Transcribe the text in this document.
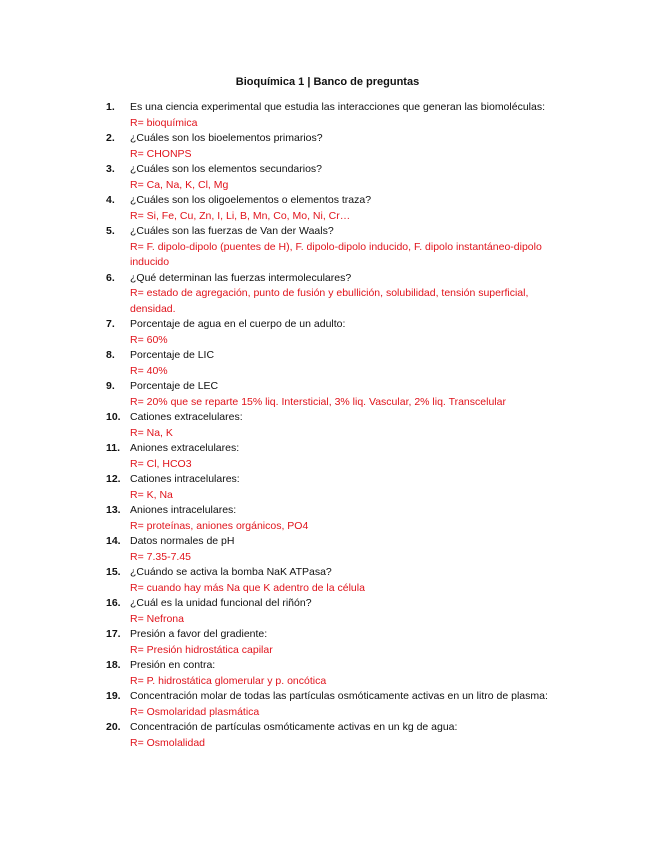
Bioquímica 1 | Banco de preguntas
1. Es una ciencia experimental que estudia las interacciones que generan las biomoléculas:
R= bioquímica
2. ¿Cuáles son los bioelementos primarios?
R= CHONPS
3. ¿Cuáles son los elementos secundarios?
R= Ca, Na, K, Cl, Mg
4. ¿Cuáles son los oligoelementos o elementos traza?
R= Si, Fe, Cu, Zn, I, Li, B, Mn, Co, Mo, Ni, Cr…
5. ¿Cuáles son las fuerzas de Van der Waals?
R= F. dipolo-dipolo (puentes de H), F. dipolo-dipolo inducido, F. dipolo instantáneo-dipolo inducido
6. ¿Qué determinan las fuerzas intermoleculares?
R= estado de agregación, punto de fusión y ebullición, solubilidad, tensión superficial, densidad.
7. Porcentaje de agua en el cuerpo de un adulto:
R= 60%
8. Porcentaje de LIC
R= 40%
9. Porcentaje de LEC
R= 20% que se reparte 15% liq. Intersticial, 3% liq. Vascular, 2% liq. Transcelular
10. Cationes extracelulares:
R= Na, K
11. Aniones extracelulares:
R= Cl, HCO3
12. Cationes intracelulares:
R= K, Na
13. Aniones intracelulares:
R= proteínas, aniones orgánicos, PO4
14. Datos normales de pH
R= 7.35-7.45
15. ¿Cuándo se activa la bomba NaK ATPasa?
R= cuando hay más Na que K adentro de la célula
16. ¿Cuál es la unidad funcional del riñón?
R= Nefrona
17. Presión a favor del gradiente:
R= Presión hidrostática capilar
18. Presión en contra:
R= P. hidrostática glomerular y p. oncótica
19. Concentración molar de todas las partículas osmóticamente activas en un litro de plasma:
R= Osmolaridad plasmática
20. Concentración de partículas osmóticamente activas en un kg de agua:
R= Osmolalidad
